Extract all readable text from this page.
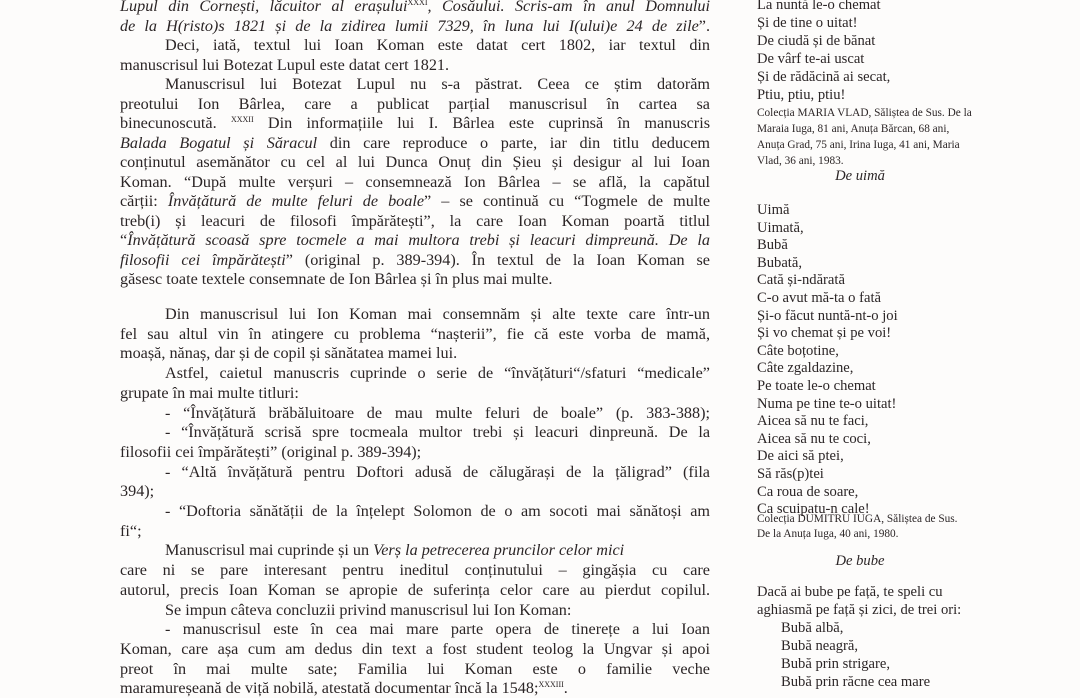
Lupul din Cornești, lăcuitor al erașului$^{XXXI}$, Cosăului. Scris-am în anul Domnului
de la H(risto)s 1821 și de la zidirea lumii 7329, în luna lui I(ului)e 24 de zile”.
Deci, iată, textul lui Ioan Koman este datat cert 1802, iar textul din
manuscrisul lui Botezat Lupul este datat cert 1821.
Manuscrisul lui Botezat Lupul nu s-a păstrat. Ceea ce știm datorăm
preotului Ion Bârlea, care a publicat parțial manuscrisul în cartea sa
binecunoscută. $^{XXXII}$ Din informațiile lui I. Bârlea este cuprinsă în manuscris
Balada Bogatul și Săracul din care reproduce o parte, iar din titlu deducem
conținutul asemănător cu cel al lui Dunca Onuț din Șieu și desigur al lui Ioan
Koman. “După multe verșuri – consemnează Ion Bârlea – se află, la capătul
cărții: Învățătură de multe feluri de boale” – se continuă cu “Togmele de multe
treb(i) și leacuri de filosofi împărătești”, la care Ioan Koman poartă titlul
“Învățătură scoasă spre tocmele a mai multora trebi și leacuri dimpreună. De la
filosofii cei împărătești” (original p. 389-394). În textul de la Ioan Koman se
găsesc toate textele consemnate de Ion Bârlea și în plus mai multe.
Din manuscrisul lui Ion Koman mai consemnăm și alte texte care într-un
fel sau altul vin în atingere cu problema “nașterii”, fie că este vorba de mamă,
moașă, nănaș, dar și de copil și sănătatea mamei lui.
Astfel, caietul manuscris cuprinde o serie de “învățături“/sfaturi “medicale”
grupate în mai multe titluri:
- “Învățătură brăbăluitoare de mau multe feluri de boale” (p. 383-388);
- “Învățătură scrisă spre tocmeala multor trebi și leacuri dinpreună. De la
filosofii cei împărătești” (original p. 389-394);
- “Altă învățătură pentru Doftori adusă de călugărași de la țăligrad” (fila
394);
- “Doftoria sănătății de la înțelept Solomon de o am socoti mai sănătoși am
fi“;
Manuscrisul mai cuprinde și un Verș la petrecerea pruncilor celor mici
care ni se pare interesant pentru ineditul conținutului – gingășia cu care
autorul, precis Ioan Koman se apropie de suferința celor care au pierdut copilul.
Se impun câteva concluzii privind manuscrisul lui Ion Koman:
- manuscrisul este în cea mai mare parte opera de tinerețe a lui Ioan
Koman, care așa cum am dedus din text a fost student teolog la Ungvar și apoi
preot în mai multe sate; Familia lui Koman este o familie veche
maramureșeană de viță nobilă, atestată documentar încă la 1548;$^{XXXIII}$.
La nuntă le-o chemat
Și de tine o uitat!
De ciudă și de bănat
De vârf te-ai uscat
Și de rădăcină ai secat,
Ptiu, ptiu, ptiu!
Colecția MARIA VLAD, Săliștea de Sus. De la
Maraia Iuga, 81 ani, Anuța Bărcan, 68 ani,
Anuța Grad, 75 ani, Irina Iuga, 41 ani, Maria
Vlad, 36 ani, 1983.
De uimă
Uimă
Uimată,
Bubă
Bubată,
Cată și-ndărată
C-o avut mă-ta o fată
Și-o făcut nuntă-nt-o joi
Și vo chemat și pe voi!
Câte boțotine,
Câte zgaldazine,
Pe toate le-o chemat
Numa pe tine te-o uitat!
Aicea să nu te faci,
Aicea să nu te coci,
De aici să ptei,
Să răs(p)tei
Ca roua de soare,
Ca scuipatu-n cale!
Colecția DUMITRU IUGA, Săliștea de Sus.
De la Anuța Iuga, 40 ani, 1980.
De bube
Dacă ai bube pe față, te speli cu
aghiasmă pe față și zici, de trei ori:
Bubă albă,
Bubă neagră,
Bubă prin strigare,
Bubă prin răcne cea mare
